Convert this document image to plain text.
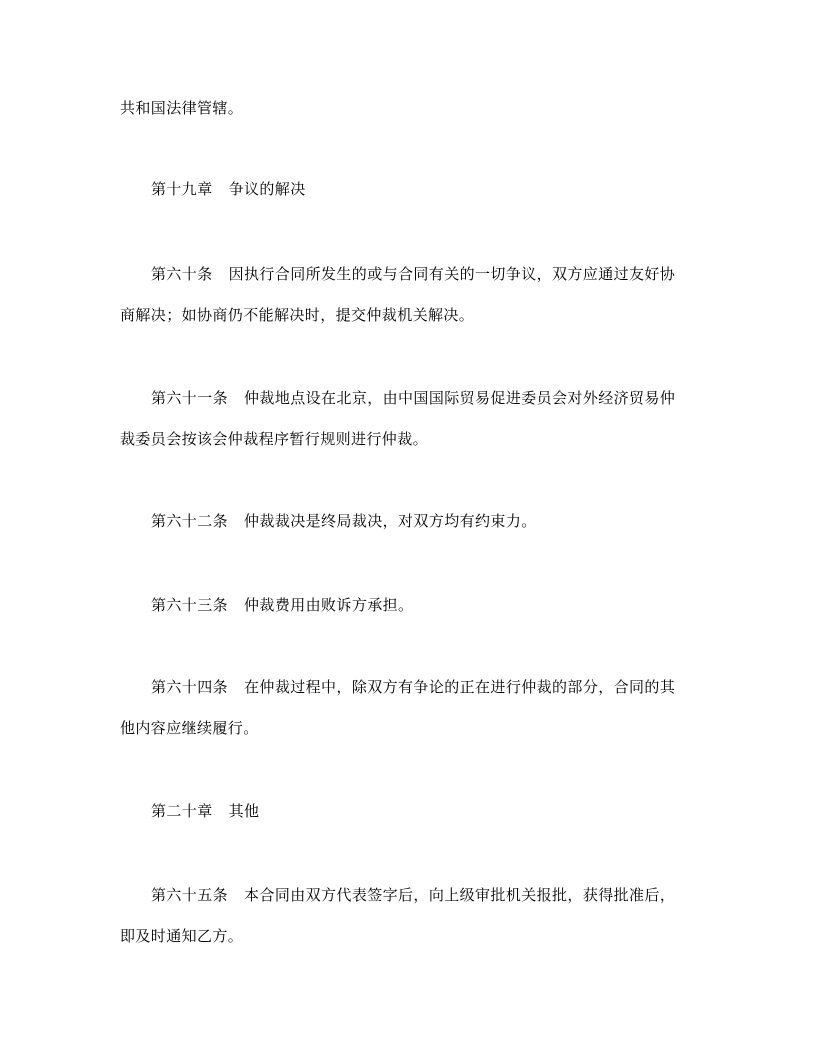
共和国法律管辖。
第十九章 争议的解决
第六十条 因执行合同所发生的或与合同有关的一切争议，双方应通过友好协
商解决；如协商仍不能解决时，提交仲裁机关解决。
第六十一条 仲裁地点设在北京，由中国国际贸易促进委员会对外经济贸易仲
裁委员会按该会仲裁程序暂行规则进行仲裁。
第六十二条 仲裁裁决是终局裁决，对双方均有约束力。
第六十三条 仲裁费用由败诉方承担。
第六十四条 在仲裁过程中，除双方有争论的正在进行仲裁的部分，合同的其
他内容应继续履行。
第二十章 其他
第六十五条 本合同由双方代表签字后，向上级审批机关报批，获得批准后，
即及时通知乙方。
